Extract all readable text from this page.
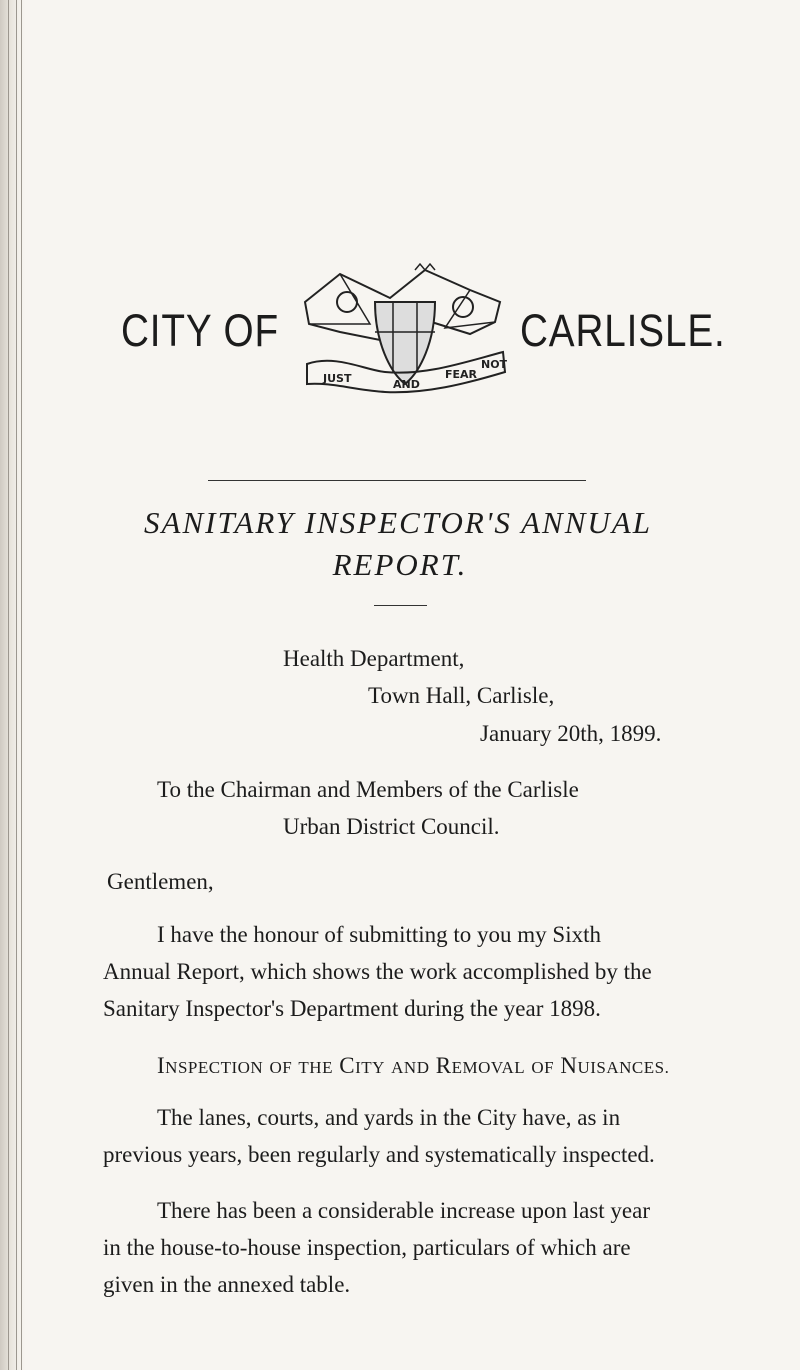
CITY OF
JUST	AND
FEAR
NOT
CARLISLE.
SANITARY INSPECTOR'S ANNUAL
REPORT.
Health Department,
Town Hall, Carlisle,
January 20th, 1899.
To the Chairman and Members of the Carlisle
Urban District Council.
Gentlemen,
I have the honour of submitting to you my Sixth
Annual Report, which shows the work accomplished by the
Sanitary Inspector's Department during the year 1898.
INSPECTION OF THE CITY AND REMOVAL OF NUISANCES.
The lanes, courts, and yards in the City have, as in
previous years, been regularly and systematically inspected.
There has been a considerable increase upon last year
in the house-to-house inspection, particulars of which are
given in the annexed table.
